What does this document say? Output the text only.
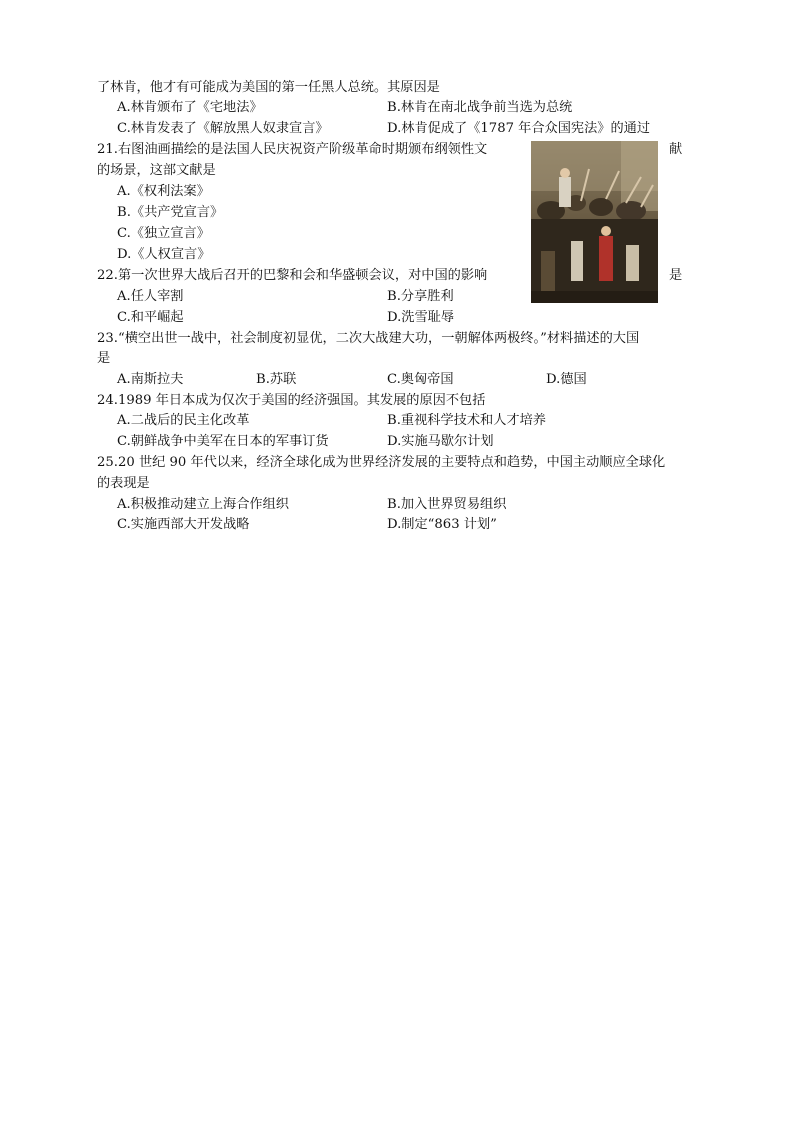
了林肯，他才有可能成为美国的第一任黑人总统。其原因是
A.林肯颁布了《宅地法》	B.林肯在南北战争前当选为总统
C.林肯发表了《解放黑人奴隶宣言》	D.林肯促成了《1787 年合众国宪法》的通过
21.右图油画描绘的是法国人民庆祝资产阶级革命时期颁布纲领性文	献
的场景，这部文献是
A.《权利法案》
B.《共产党宣言》
C.《独立宣言》
D.《人权宣言》
22.第一次世界大战后召开的巴黎和会和华盛顿会议，对中国的影响	是
A.任人宰割	B.分享胜利
C.和平崛起	D.洗雪耻辱
23.“横空出世一战中，社会制度初显优，二次大战建大功，一朝解体两极终。”材料描述的大国
是
A.南斯拉夫	B.苏联	C.奥匈帝国	D.德国
24.1989 年日本成为仅次于美国的经济强国。其发展的原因不包括
A.二战后的民主化改革	B.重视科学技术和人才培养
C.朝鲜战争中美军在日本的军事订货	D.实施马歇尔计划
25.20 世纪 90 年代以来，经济全球化成为世界经济发展的主要特点和趋势，中国主动顺应全球化
的表现是
A.积极推动建立上海合作组织	B.加入世界贸易组织
C.实施西部大开发战略	D.制定“863 计划”
